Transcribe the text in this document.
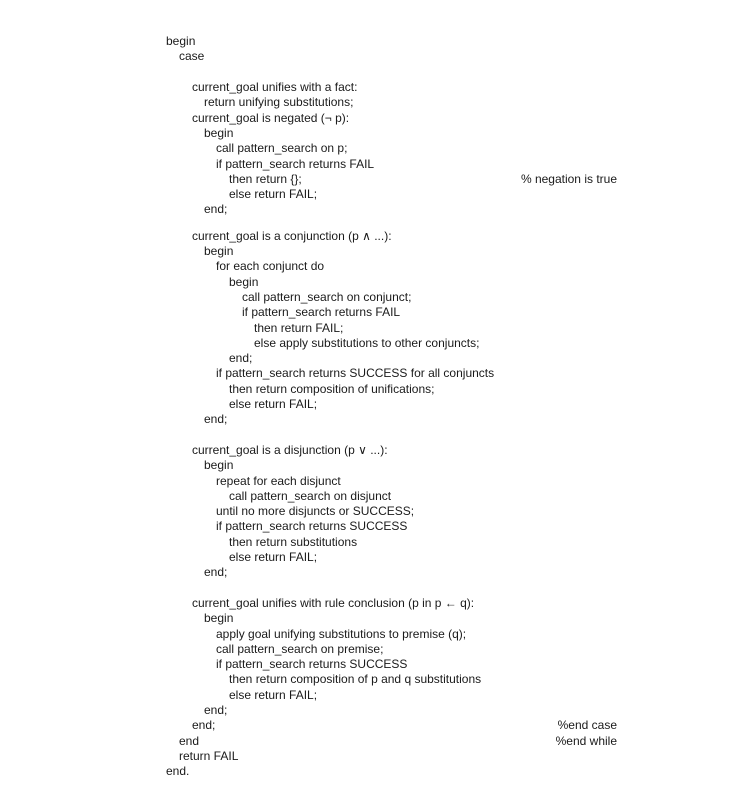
begin
case
current_goal unifies with a fact:
return unifying substitutions;
current_goal is negated (¬ p):
begin
call pattern_search on p;
if pattern_search returns FAIL
then return {};	% negation is true
else return FAIL;
end;
current_goal is a conjunction (p ∧ ...):
begin
for each conjunct do
begin
call pattern_search on conjunct;
if pattern_search returns FAIL
then return FAIL;
else apply substitutions to other conjuncts;
end;
if pattern_search returns SUCCESS for all conjuncts
then return composition of unifications;
else return FAIL;
end;
current_goal is a disjunction (p ∨ ...):
begin
repeat for each disjunct
call pattern_search on disjunct
until no more disjuncts or SUCCESS;
if pattern_search returns SUCCESS
then return substitutions
else return FAIL;
end;
current_goal unifies with rule conclusion (p in p ← q):
begin
apply goal unifying substitutions to premise (q);
call pattern_search on premise;
if pattern_search returns SUCCESS
then return composition of p and q substitutions
else return FAIL;
end;
end;	%end case
end	%end while
return FAIL
end.
